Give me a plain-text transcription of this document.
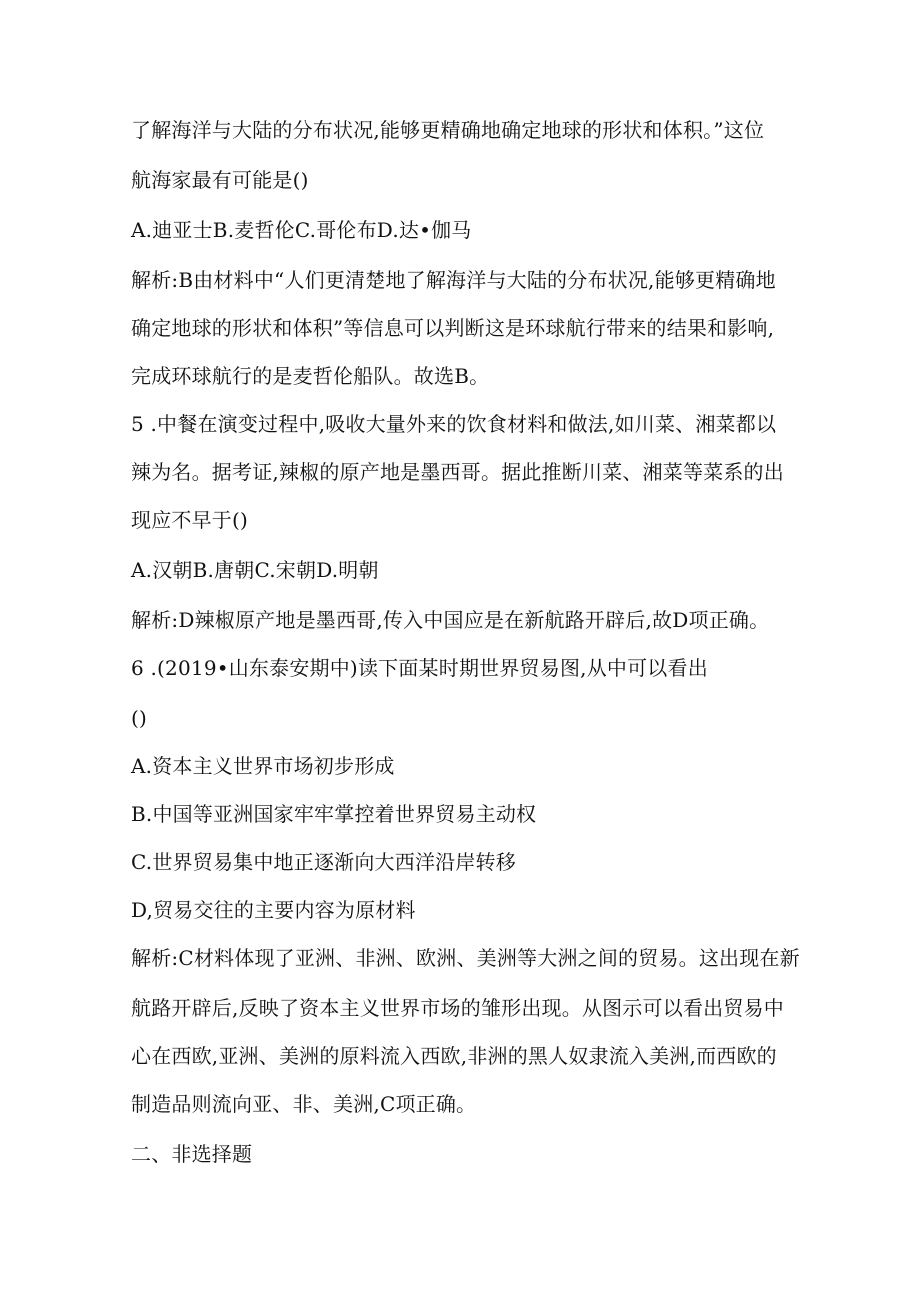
了解海洋与大陆的分布状况,能够更精确地确定地球的形状和体积。”这位
航海家最有可能是()
A.迪亚士B.麦哲伦C.哥伦布D.达•伽马
解析:B由材料中“人们更清楚地了解海洋与大陆的分布状况,能够更精确地
确定地球的形状和体积”等信息可以判断这是环球航行带来的结果和影响,
完成环球航行的是麦哲伦船队。故选B。
5 .中餐在演变过程中,吸收大量外来的饮食材料和做法,如川菜、湘菜都以
辣为名。据考证,辣椒的原产地是墨西哥。据此推断川菜、湘菜等菜系的出
现应不早于()
A.汉朝B.唐朝C.宋朝D.明朝
解析:D辣椒原产地是墨西哥,传入中国应是在新航路开辟后,故D项正确。
6 .(2019•山东泰安期中)读下面某时期世界贸易图,从中可以看出
()
A.资本主义世界市场初步形成
B.中国等亚洲国家牢牢掌控着世界贸易主动权
C.世界贸易集中地正逐渐向大西洋沿岸转移
D,贸易交往的主要内容为原材料
解析:C材料体现了亚洲、非洲、欧洲、美洲等大洲之间的贸易。这出现在新
航路开辟后,反映了资本主义世界市场的雏形出现。从图示可以看出贸易中
心在西欧,亚洲、美洲的原料流入西欧,非洲的黑人奴隶流入美洲,而西欧的
制造品则流向亚、非、美洲,C项正确。
二、非选择题
